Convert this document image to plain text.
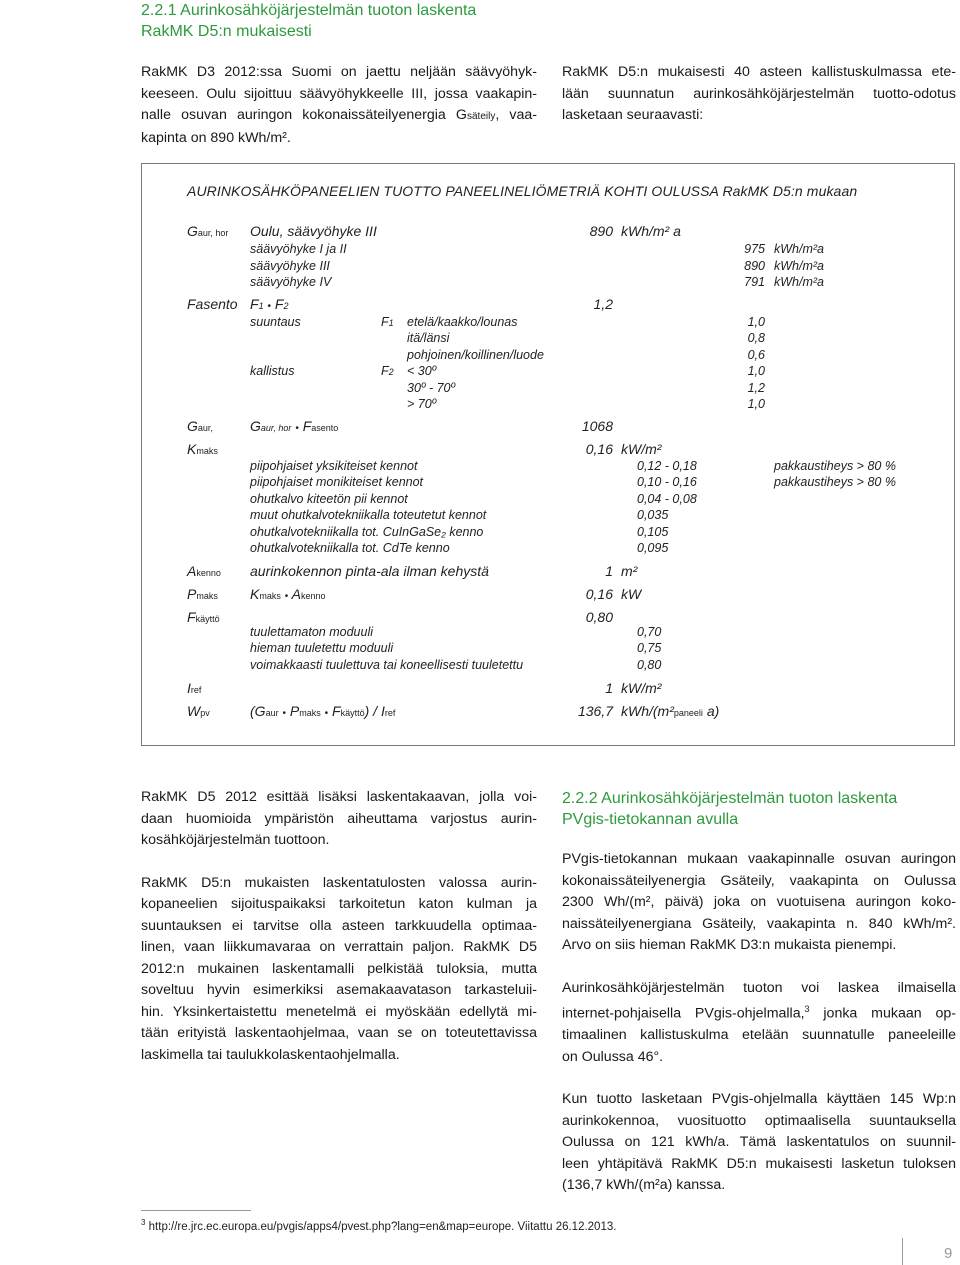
2.2.1 Aurinkosähköjärjestelmän tuoton laskenta
RakMK D5:n mukaisesti

RakMK D3 2012:ssa Suomi on jaettu neljään säävyöhyk-

keeseen. Oulu sijoittuu säävyöhykkeelle III, jossa vaakapin-

nalle osuvan auringon kokonaissäteilyenergia Gsäteily, vaa-

kapinta on 890 kWh/m².

RakMK D5:n mukaisesti 40 asteen kallistuskulmassa ete-

lään suunnatun aurinkosähköjärjestelmän tuotto-odotus

lasketaan seuraavasti:

AURINKOSÄHKÖPANEELIEN TUOTTO PANEELINELIÖMETRIÄ KOHTI OULUSSA RakMK D5:n mukaan
Gaur, hor Oulu, säävyöhyke III	890 kWh/m² a
säävyöhyke I ja II	975 kWh/m²a
säävyöhyke III	890 kWh/m²a
säävyöhyke IV	791 kWh/m²a
Fasento F1 • F2	1,2
suuntaus	F1 etelä/kaakko/lounas	1,0
itä/länsi	0,8
pohjoinen/koillinen/luode	0,6
kallistus	F2 < 30º	1,0
30º - 70º	1,2
> 70º	1,0
Gaur,	Gaur, hor • Fasento	1068
Kmaks	0,16 kW/m²
piipohjaiset yksikiteiset kennot	0,12 - 0,18	pakkaustiheys > 80 %
piipohjaiset monikiteiset kennot	0,10 - 0,16	pakkaustiheys > 80 %
ohutkalvo kiteetön pii kennot	0,04 - 0,08
muut ohutkalvotekniikalla toteutetut kennot	0,035
ohutkalvotekniikalla tot. CuInGaSe₂ kenno	0,105
ohutkalvotekniikalla tot. CdTe kenno	0,095
Akenno aurinkokennon pinta-ala ilman kehystä	1 m²
Pmaks Kmaks • Akenno	0,16 kW
Fkäyttö	0,80
tuulettamaton moduuli	0,70
hieman tuuletettu moduuli	0,75
voimakkaasti tuulettuva tai koneellisesti tuuletettu	0,80
Iref	1 kW/m²
Wpv	(Gaur • Pmaks • Fkäyttö) / Iref	136,7 kWh/(m²paneeli a)

RakMK D5 2012 esittää lisäksi laskentakaavan, jolla voi-

daan huomioida ympäristön aiheuttama varjostus aurin-

kosähköjärjestelmän tuottoon.

RakMK D5:n mukaisten laskentatulosten valossa aurin-

kopaneelien sijoituspaikaksi tarkoitetun katon kulman ja

suuntauksen ei tarvitse olla asteen tarkkuudella optimaa-

linen, vaan liikkumavaraa on verrattain paljon. RakMK D5

2012:n mukainen laskentamalli pelkistää tuloksia, mutta

soveltuu hyvin esimerkiksi asemakaavatason tarkasteluii-

hin. Yksinkertaistettu menetelmä ei myöskään edellytä mi-

tään erityistä laskentaohjelmaa, vaan se on toteutettavissa

laskimella tai taulukkolaskentaohjelmalla.

2.2.2 Aurinkosähköjärjestelmän tuoton laskenta
PVgis-tietokannan avulla

PVgis-tietokannan mukaan vaakapinnalle osuvan auringon

kokonaissäteilyenergia Gsäteily, vaakapinta on Oulussa

2300 Wh/(m², päivä) joka on vuotuisena auringon koko-

naissäteilyenergiana Gsäteily, vaakapinta n. 840 kWh/m².

Arvo on siis hieman RakMK D3:n mukaista pienempi.

Aurinkosähköjärjestelmän tuoton voi laskea ilmaisella

internet-pohjaisella PVgis-ohjelmalla,$^3$ jonka mukaan op-

timaalinen kallistuskulma etelään suunnatulle paneeleille

on Oulussa 46°.

Kun tuotto lasketaan PVgis-ohjelmalla käyttäen 145 Wp:n

aurinkokennoa, vuosituotto optimaalisella suuntauksella

Oulussa on 121 kWh/a. Tämä laskentatulos on suunnil-

leen yhtäpitävä RakMK D5:n mukaisesti lasketun tuloksen

(136,7 kWh/(m²a) kanssa.

$^3$ http://re.jrc.ec.europa.eu/pvgis/apps4/pvest.php?lang=en&map=europe. Viitattu 26.12.2013.
9
